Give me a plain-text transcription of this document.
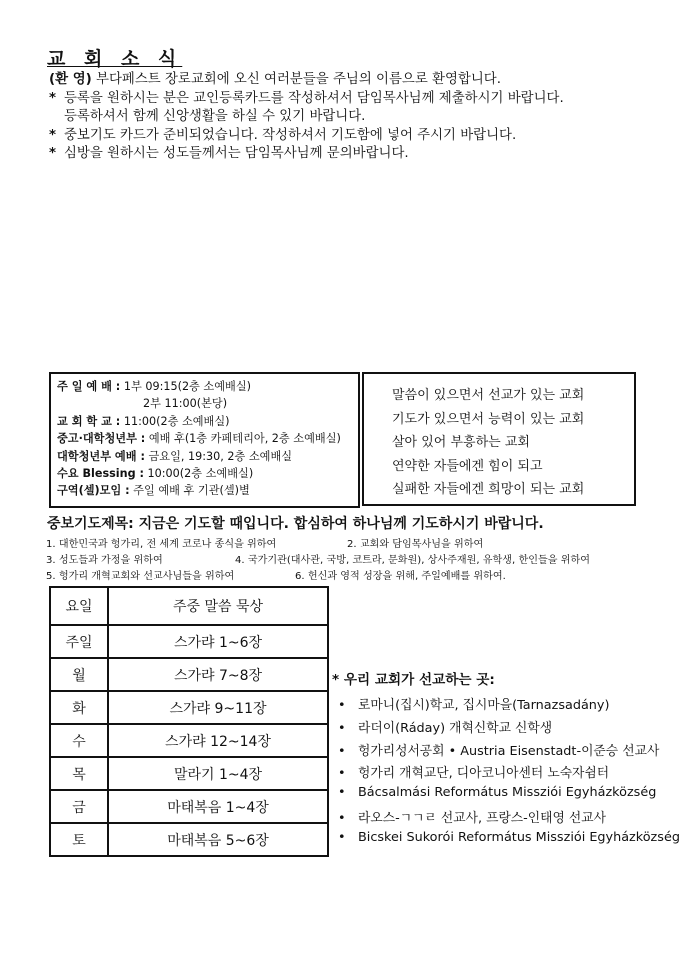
교 회 소 식
(환 영) 부다페스트 장로교회에 오신 여러분들을 주님의 이름으로 환영합니다.
* 등록을 원하시는 분은 교인등록카드를 작성하셔서 담임목사님께 제출하시기 바랍니다.
등록하셔서 함께 신앙생활을 하실 수 있기 바랍니다.
* 중보기도 카드가 준비되었습니다. 작성하셔서 기도함에 넣어 주시기 바랍니다.
* 심방을 원하시는 성도들께서는 담임목사님께 문의바랍니다.
주 일 예 배 : 1부 09:15(2층 소예배실)
2부 11:00(본당)
교 회 학 교 : 11:00(2층 소예배실)
중고·대학청년부 : 예배 후(1층 카페테리아, 2층 소예배실)
대학청년부 예배 : 금요일, 19:30, 2층 소예배실
수요 Blessing : 10:00(2층 소예배실)
구역(셀)모임 : 주일 예배 후 기관(셀)별
말씀이 있으면서 선교가 있는 교회
기도가 있으면서 능력이 있는 교회
살아 있어 부흥하는 교회
연약한 자들에겐 힘이 되고
실패한 자들에겐 희망이 되는 교회
중보기도제목: 지금은 기도할 때입니다. 합심하여 하나님께 기도하시기 바랍니다.
1. 대한민국과 헝가리, 전 세계 코로나 종식을 위하여	2. 교회와 담임목사님을 위하여
3. 성도들과 가정을 위하여	4. 국가기관(대사관, 국방, 코트라, 문화원), 상사주재원, 유학생, 한인들을 위하여
5. 헝가리 개혁교회와 선교사님들을 위하여	6. 헌신과 영적 성장을 위해, 주일예배를 위하여.
요일	주중 말씀 묵상
주일	스가랴 1~6장
월	스가랴 7~8장
화	스가랴 9~11장
수	스가랴 12~14장
목	말라기 1~4장
금	마태복음 1~4장
토	마태복음 5~6장
* 우리 교회가 선교하는 곳:
• 로마니(집시)학교, 집시마을(Tarnazsadány)
• 라더이(Ráday) 개혁신학교 신학생
• 헝가리성서공회 • Austria Eisenstadt-이준승 선교사
• 헝가리 개혁교단, 디아코니아센터 노숙자쉼터
• Bácsalmási Református Missziói Egyházközség
• 라오스-ㄱㄱㄹ 선교사, 프랑스-인태영 선교사
• Bicskei Sukorói Református Missziói Egyházközség
